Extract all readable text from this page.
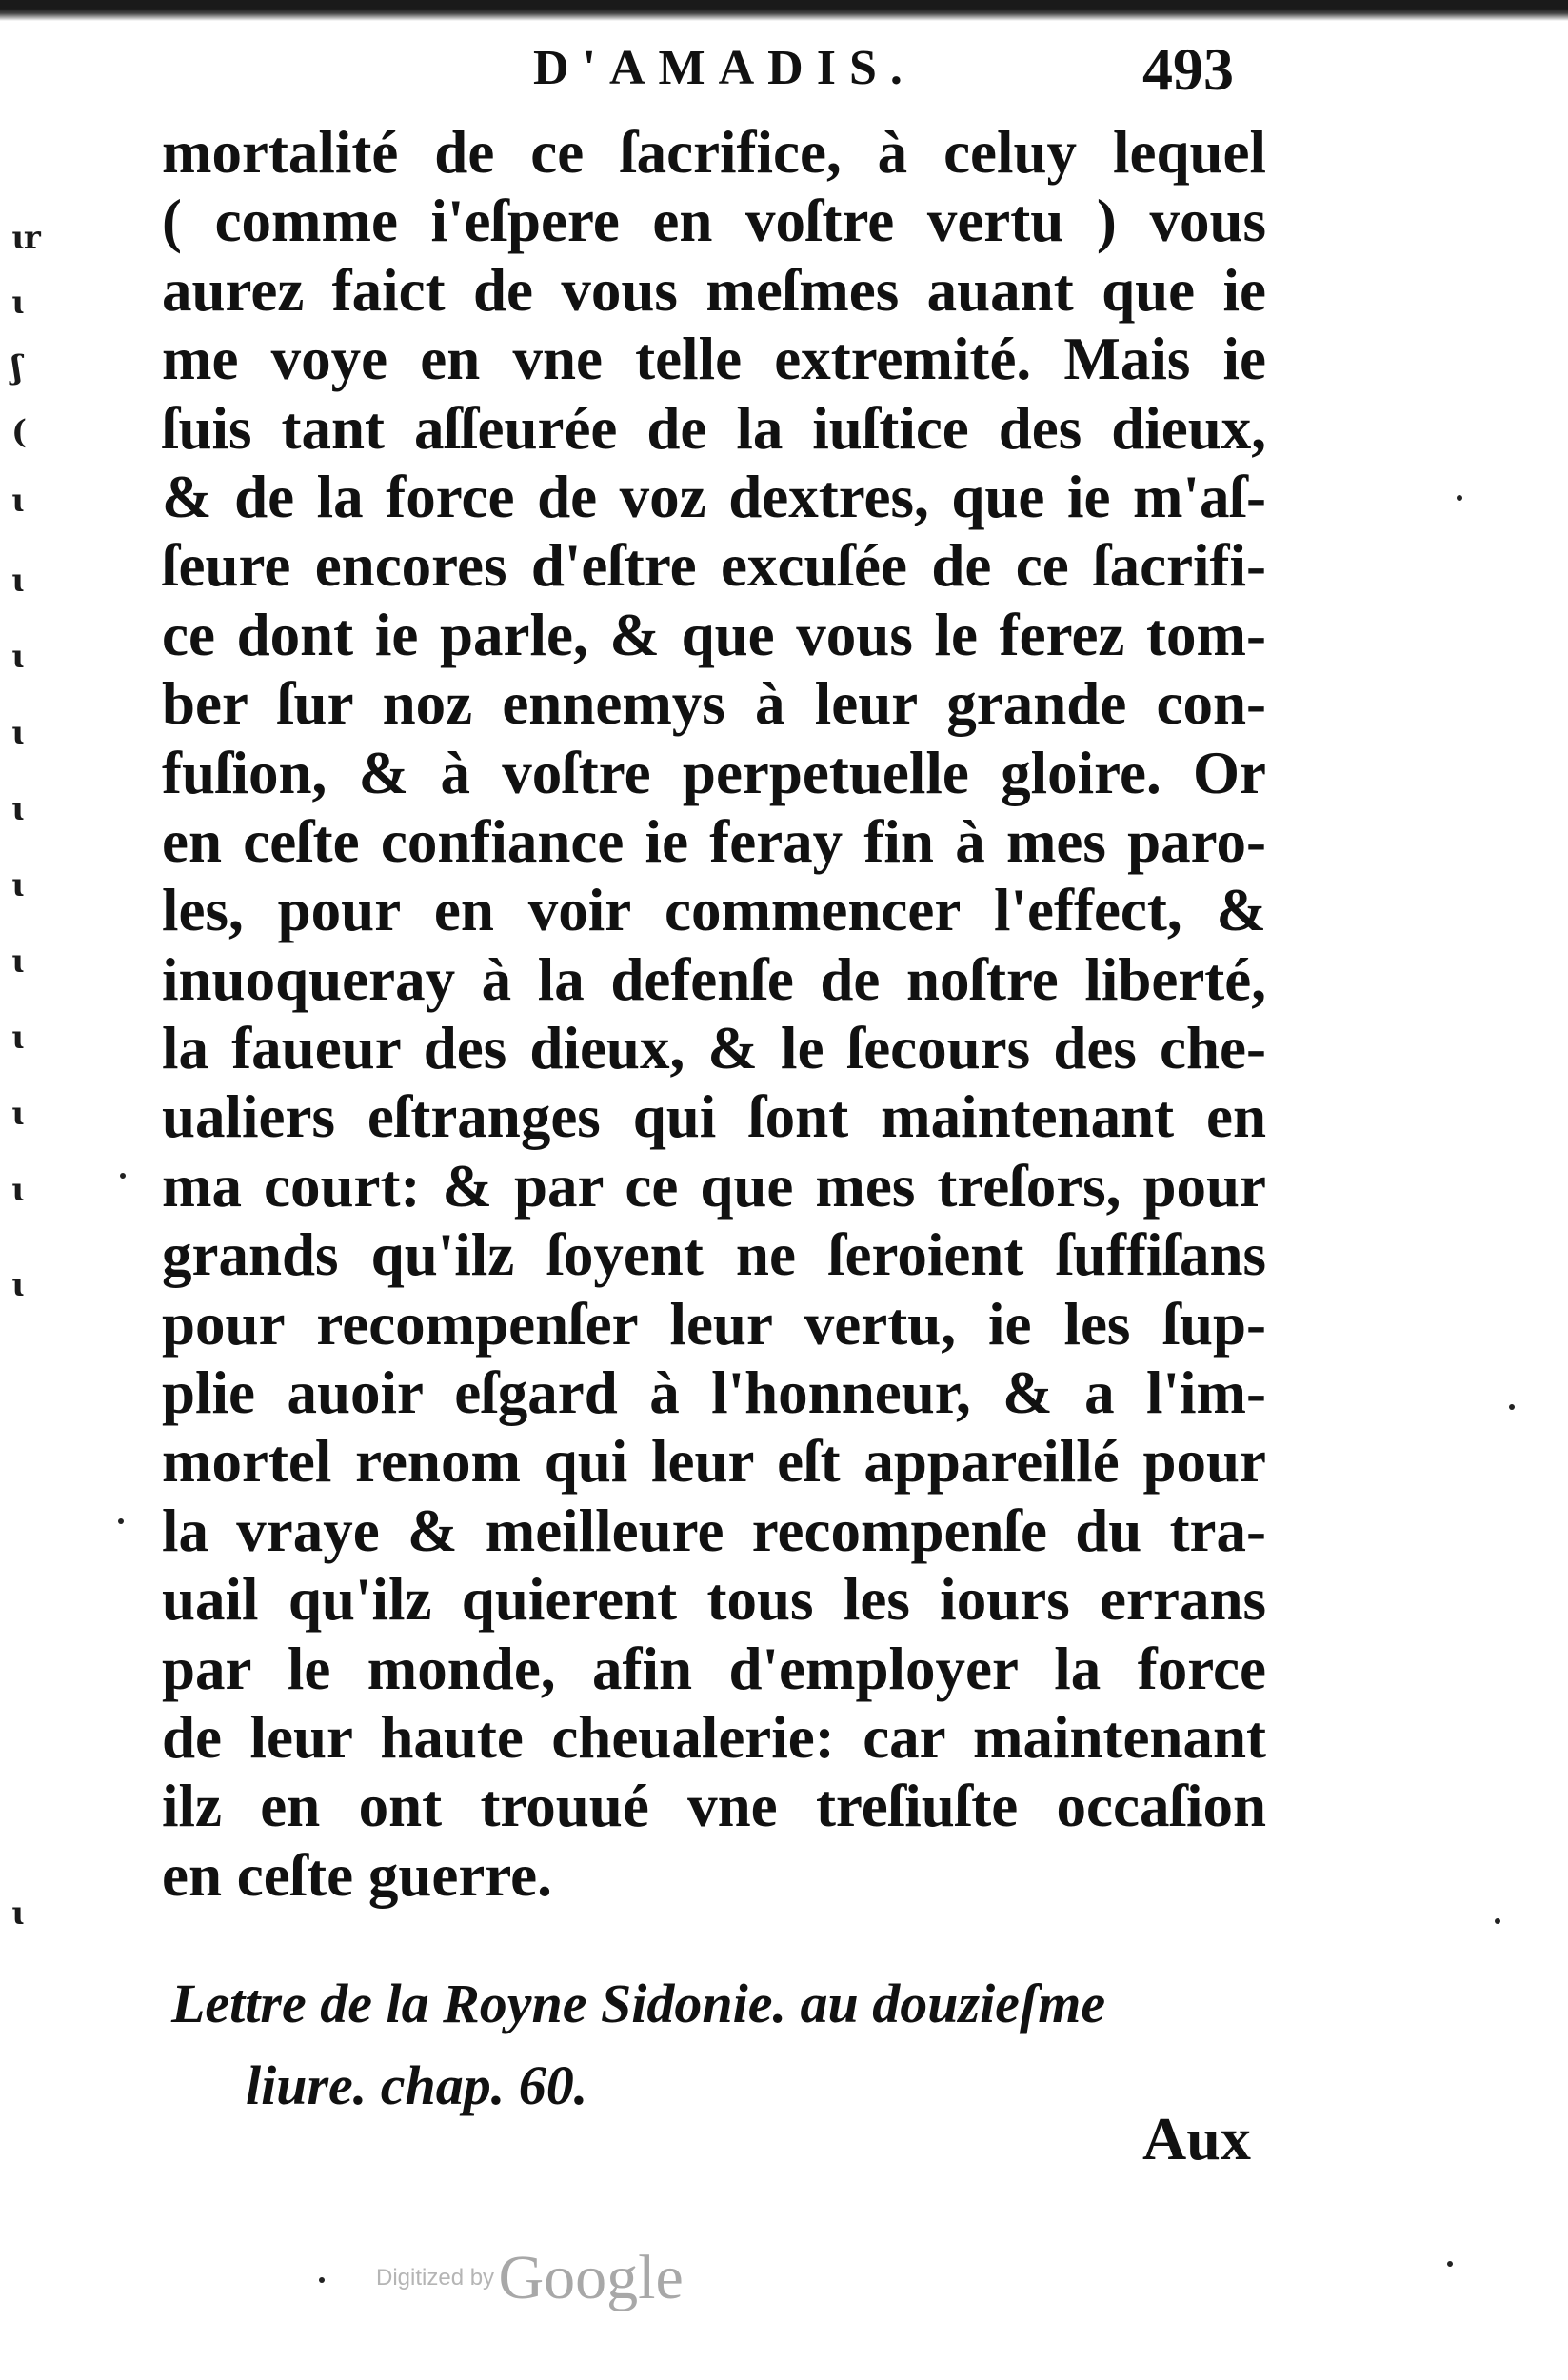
ɩr
ɩ
ʃ
(
ɩ
ɩ
ɩ
ɩ
ɩ
ɩ
ɩ
ɩ
ɩ
ɩ
ɩ
ɩ
D'AMADIS.	493
mortalité de ce ſacrifice, à celuy lequel
( comme i'eſpere en voſtre vertu ) vous
aurez faict de vous meſmes auant que ie
me voye en vne telle extremité. Mais ie
ſuis tant aſſeurée de la iuſtice des dieux,
& de la force de voz dextres, que ie m'aſ-
ſeure encores d'eſtre excuſée de ce ſacrifi-
ce dont ie parle, & que vous le ferez tom-
ber ſur noz ennemys à leur grande con-
fuſion, & à voſtre perpetuelle gloire. Or
en ceſte confiance ie feray fin à mes paro-
les, pour en voir commencer l'effect, &
inuoqueray à la defenſe de noſtre liberté,
la faueur des dieux, & le ſecours des che-
ualiers eſtranges qui ſont maintenant en
ma court: & par ce que mes treſors, pour
grands qu'ilz ſoyent ne ſeroient ſuffiſans
pour recompenſer leur vertu, ie les ſup-
plie auoir eſgard à l'honneur, & a l'im-
mortel renom qui leur eſt appareillé pour
la vraye & meilleure recompenſe du tra-
uail qu'ilz quierent tous les iours errans
par le monde, afin d'employer la force
de leur haute cheualerie: car maintenant
ilz en ont trouué vne treſiuſte occaſion
en ceſte guerre.
Lettre de la Royne Sidonie. au douzieſme
liure. chap. 60.
Aux
Digitized by Google
